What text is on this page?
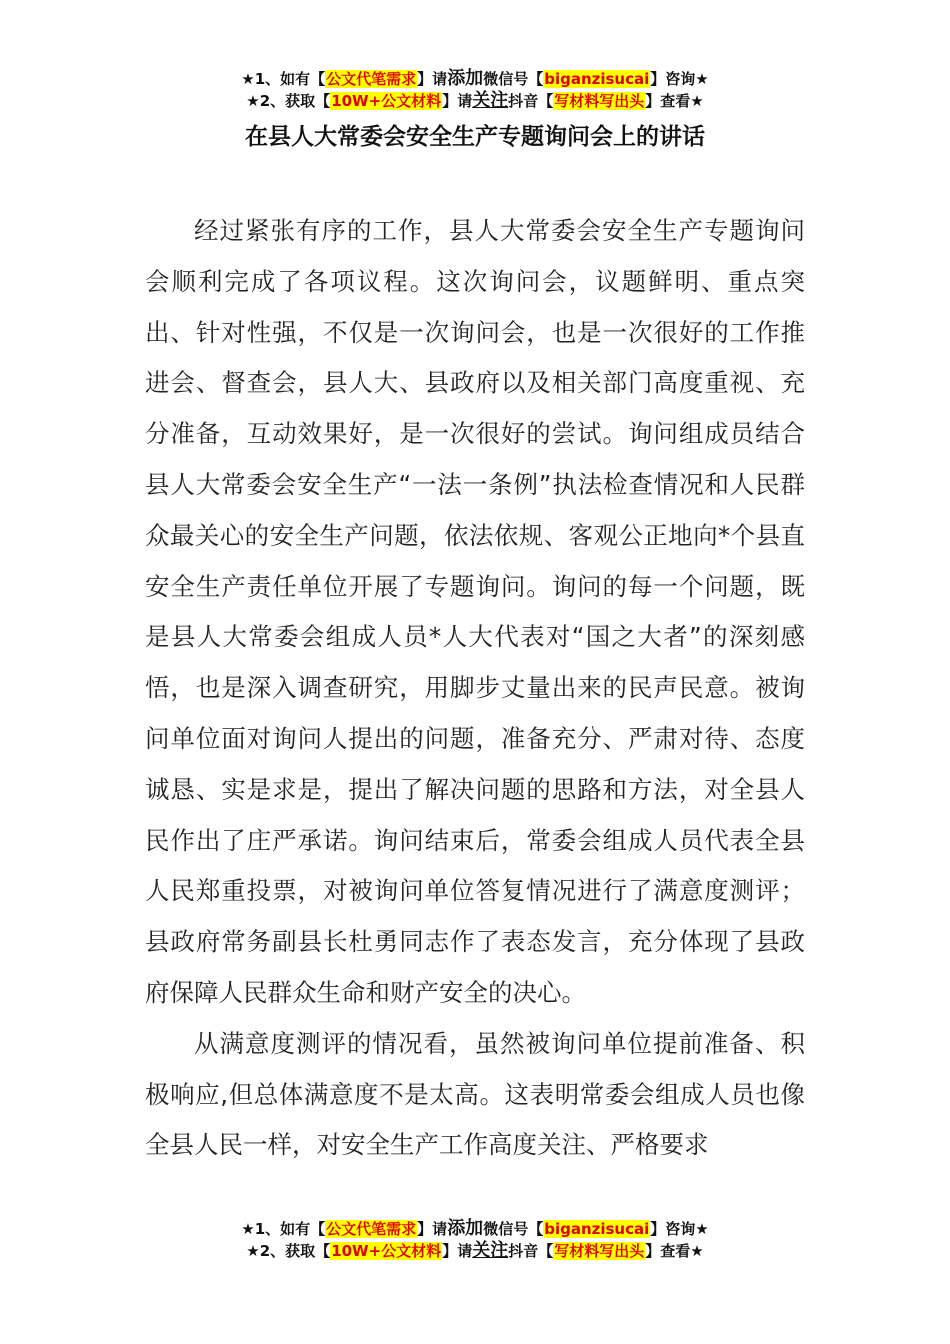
★1、如有【公文代笔需求】请添加微信号【biganzisucai】咨询★
★2、获取【10W+公文材料】请关注抖音【写材料写出头】查看★
在县人大常委会安全生产专题询问会上的讲话

经过紧张有序的工作，县人大常委会安全生产专题询问会顺利完成了各项议程。这次询问会，议题鲜明、重点突出、针对性强，不仅是一次询问会，也是一次很好的工作推进会、督查会，县人大、县政府以及相关部门高度重视、充分准备，互动效果好，是一次很好的尝试。询问组成员结合县人大常委会安全生产“一法一条例”执法检查情况和人民群众最关心的安全生产问题，依法依规、客观公正地向*个县直安全生产责任单位开展了专题询问。询问的每一个问题，既是县人大常委会组成人员*人大代表对“国之大者”的深刻感悟，也是深入调查研究，用脚步丈量出来的民声民意。被询问单位面对询问人提出的问题，准备充分、严肃对待、态度诚恳、实是求是，提出了解决问题的思路和方法，对全县人民作出了庄严承诺。询问结束后，常委会组成人员代表全县人民郑重投票，对被询问单位答复情况进行了满意度测评；县政府常务副县长杜勇同志作了表态发言，充分体现了县政府保障人民群众生命和财产安全的决心。

从满意度测评的情况看，虽然被询问单位提前准备、积极响应,但总体满意度不是太高。这表明常委会组成人员也像全县人民一样，对安全生产工作高度关注、严格要求

★1、如有【公文代笔需求】请添加微信号【biganzisucai】咨询★
★2、获取【10W+公文材料】请关注抖音【写材料写出头】查看★
